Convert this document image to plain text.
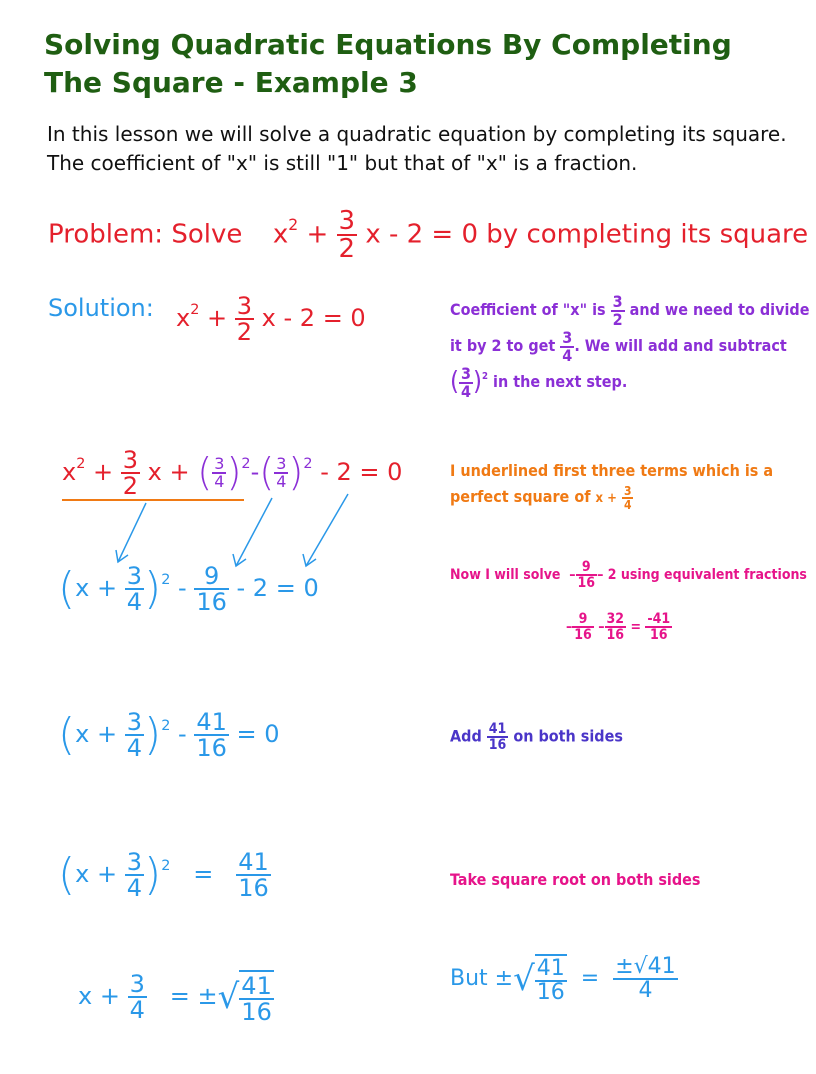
Solving Quadratic Equations By Completing The Square - Example 3
In this lesson we will solve a quadratic equation by completing its square. The coefficient of "x" is still "1" but that of "x" is a fraction.
Problem: Solve $x^2 + \frac{3}{2}$ x - 2 = 0 by completing its square
Solution: $x^2 + \frac{3}{2}$ x - 2 = 0	Coefficient of "x" is $\frac{3}{2}$ and we need to divide
it by 2 to get $\frac{3}{4}$ . We will add and subtract
( $\frac{3}{4} )^2$ in the next step.
$x^2 + \frac{3}{2}$ x + ( $\frac{3}{4} )^2-( \frac{3}{4} )^2 - 2 = 0$	I underlined first three terms which is a
perfect square of $x + \frac{3}{4}$
$(x + \frac{3}{4} )^2 - \frac{9}{16} - 2 = 0$	Now I will solve  – $\frac{9}{16} - 2$ using equivalent fractions
– $\frac{9}{16} - \frac{32}{16} = \frac{-41}{16}$
$(x + \frac{3}{4} )^2 - \frac{41}{16} = 0$	Add $\frac{41}{16}$ on both sides
$(x + \frac{3}{4} )^2 = \frac{41}{16}$	Take square root on both sides
$x + \frac{3}{4}$ = ±√ $\frac{41}{16}$	But ±√ $\frac{41}{16} = \frac{\pm√41}{4}$
